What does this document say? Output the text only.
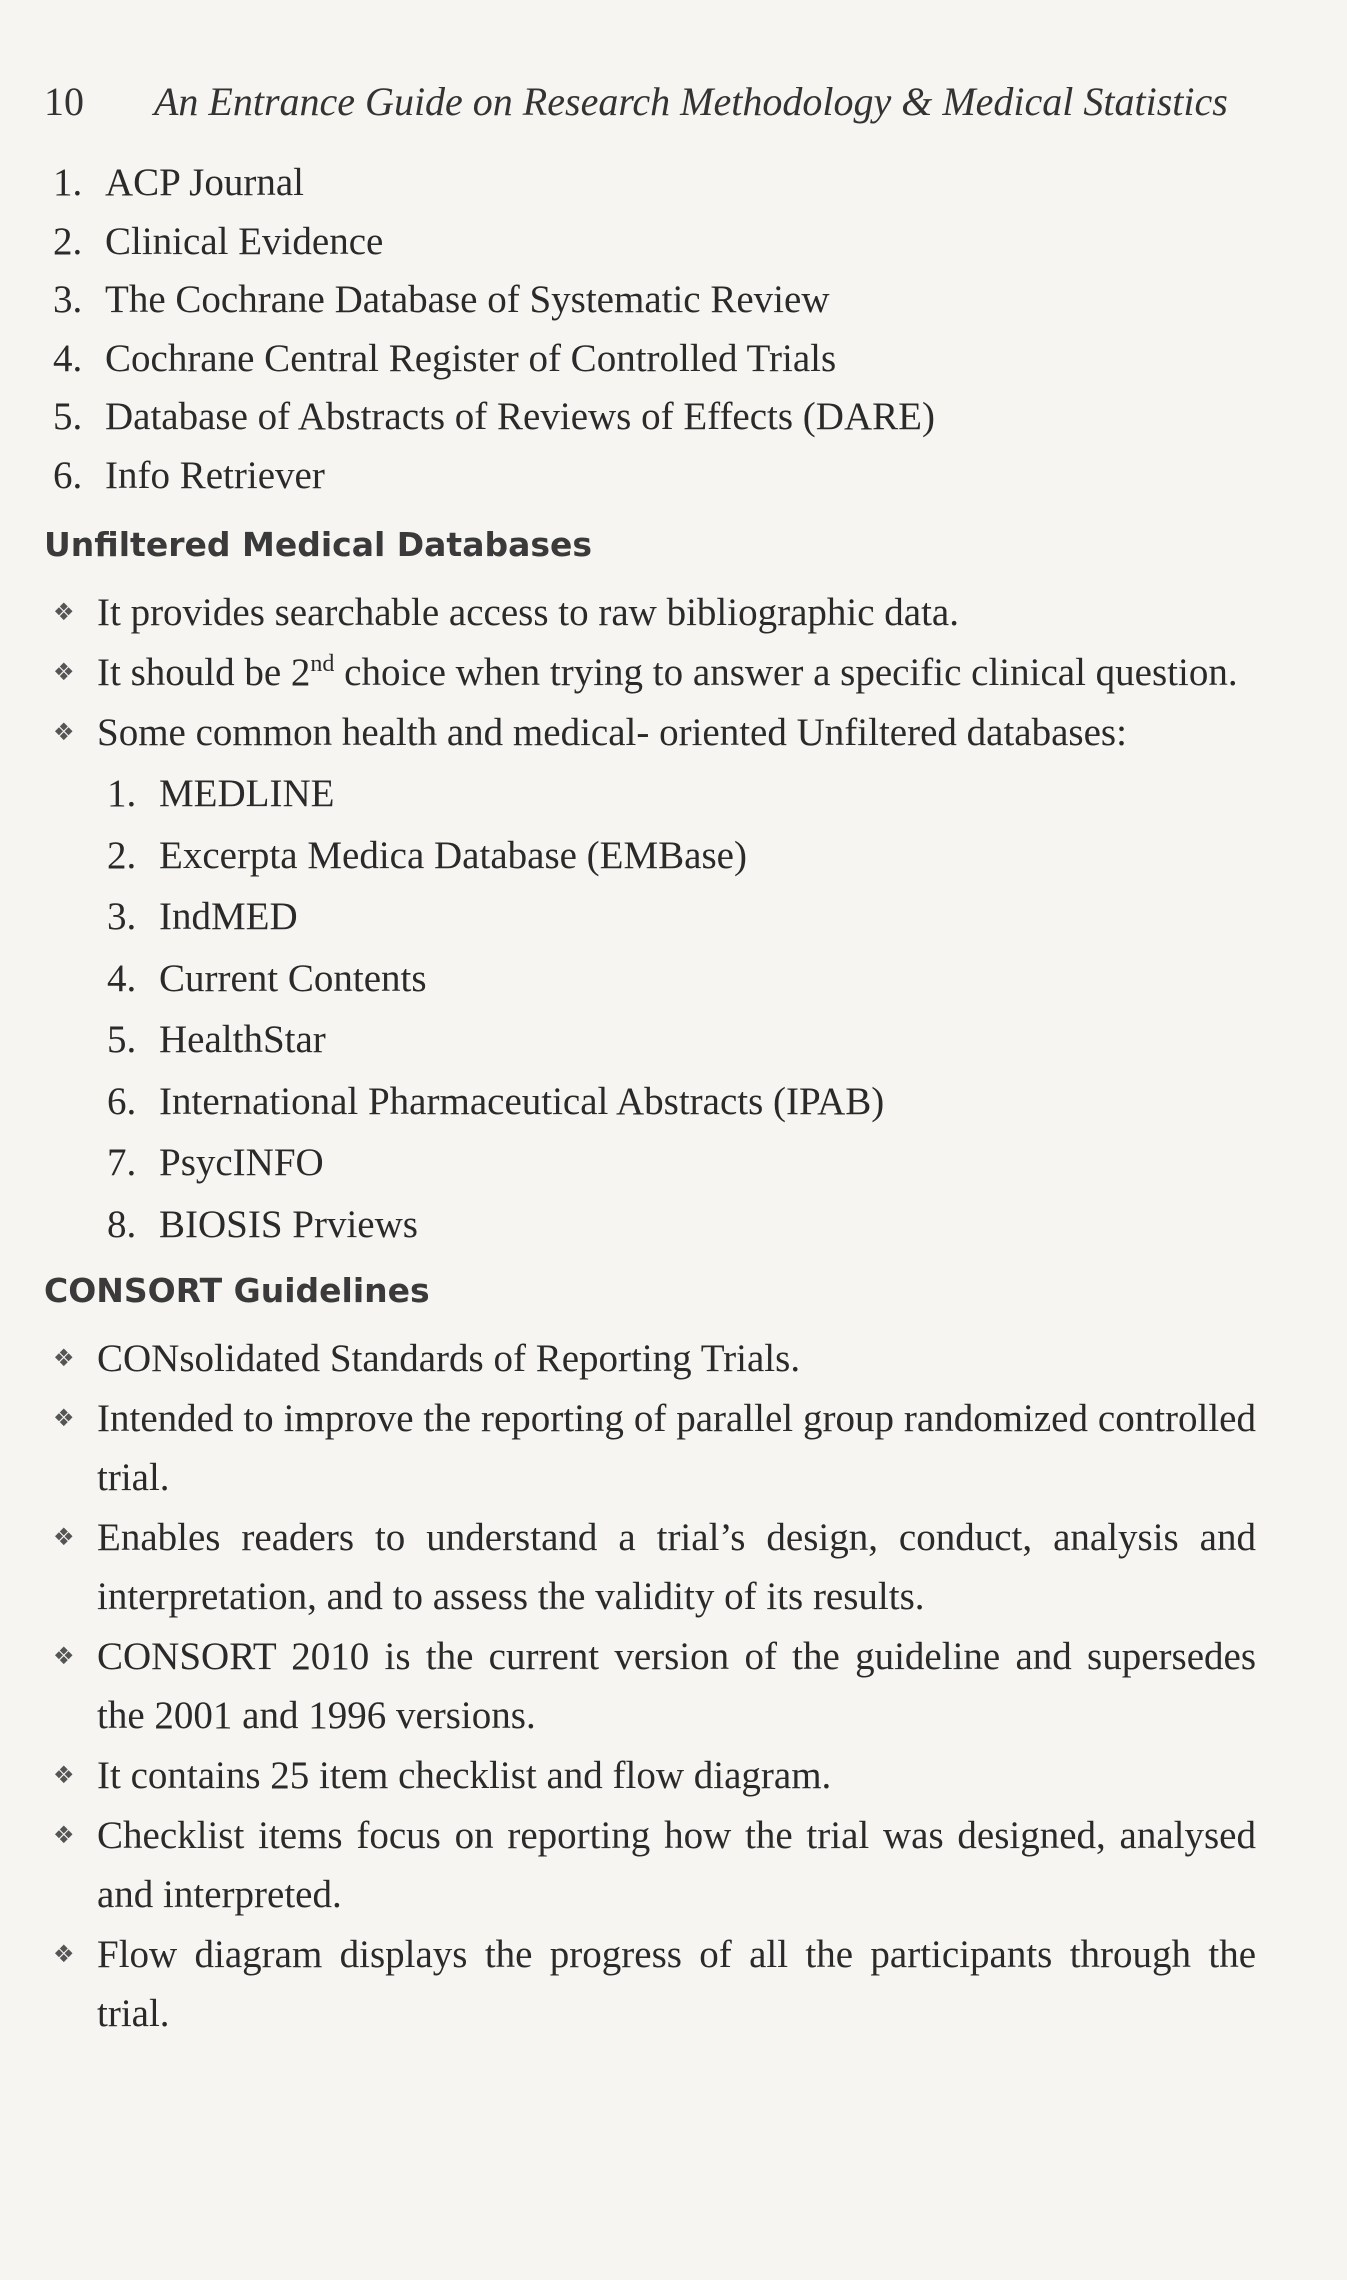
10	An Entrance Guide on Research Methodology & Medical Statistics
1. ACP Journal
2. Clinical Evidence
3. The Cochrane Database of Systematic Review
4. Cochrane Central Register of Controlled Trials
5. Database of Abstracts of Reviews of Effects (DARE)
6. Info Retriever
Unfiltered Medical Databases
❖ It provides searchable access to raw bibliographic data.
❖ It should be 2nd choice when trying to answer a specific clinical question.
❖ Some common health and medical- oriented Unfiltered databases:
1. MEDLINE
2. Excerpta Medica Database (EMBase)
3. IndMED
4. Current Contents
5. HealthStar
6. International Pharmaceutical Abstracts (IPAB)
7. PsycINFO
8. BIOSIS Prviews
CONSORT Guidelines
❖ CONsolidated Standards of Reporting Trials.
❖ Intended to improve the reporting of parallel group randomized controlled trial.
❖ Enables readers to understand a trial’s design, conduct, analysis and interpretation, and to assess the validity of its results.
❖ CONSORT 2010 is the current version of the guideline and supersedes the 2001 and 1996 versions.
❖ It contains 25 item checklist and flow diagram.
❖ Checklist items focus on reporting how the trial was designed, analysed and interpreted.
❖ Flow diagram displays the progress of all the participants through the trial.
